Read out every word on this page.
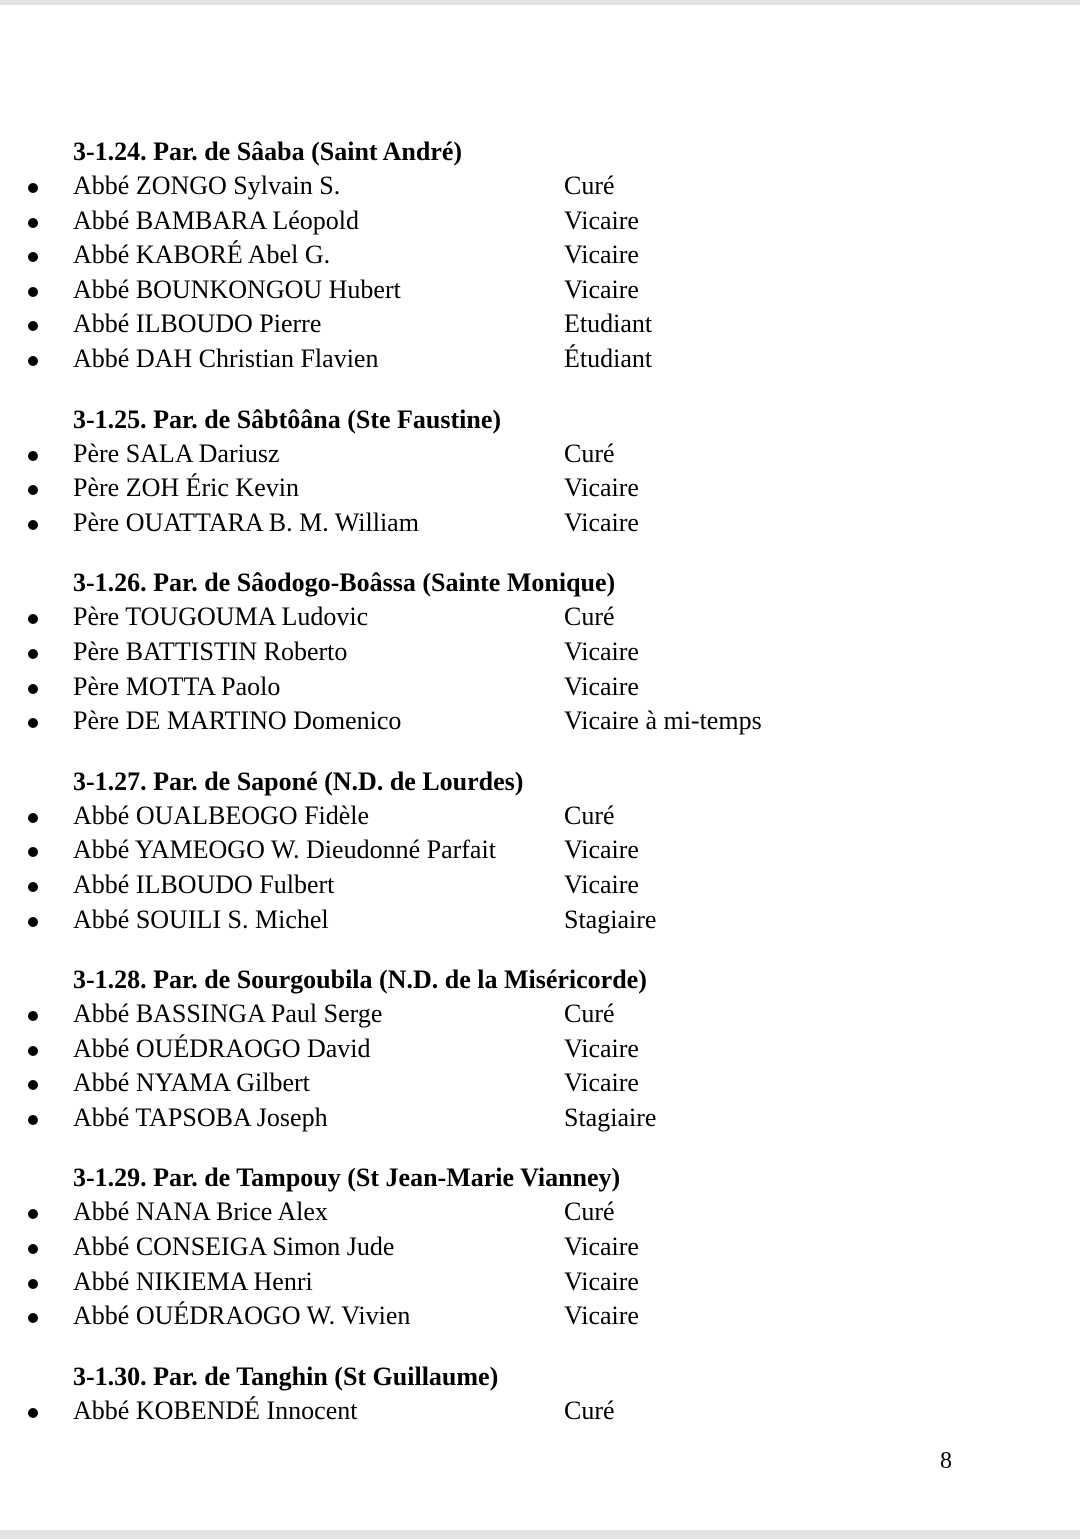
3-1.24. Par. de Sâaba (Saint André)
Abbé ZONGO Sylvain S.	Curé
Abbé BAMBARA Léopold	Vicaire
Abbé KABORÉ Abel G.	Vicaire
Abbé BOUNKONGOU Hubert	Vicaire
Abbé ILBOUDO Pierre	Etudiant
Abbé DAH Christian Flavien	Étudiant
3-1.25. Par. de Sâbtôâna (Ste Faustine)
Père SALA Dariusz	Curé
Père ZOH Éric Kevin	Vicaire
Père OUATTARA B. M. William	Vicaire
3-1.26. Par. de Sâodogo-Boâssa (Sainte Monique)
Père TOUGOUMA Ludovic	Curé
Père BATTISTIN Roberto	Vicaire
Père MOTTA Paolo	Vicaire
Père DE MARTINO Domenico	Vicaire à mi-temps
3-1.27. Par. de Saponé (N.D. de Lourdes)
Abbé OUALBEOGO Fidèle	Curé
Abbé YAMEOGO W. Dieudonné Parfait	Vicaire
Abbé ILBOUDO Fulbert	Vicaire
Abbé SOUILI S. Michel	Stagiaire
3-1.28. Par. de Sourgoubila (N.D. de la Miséricorde)
Abbé BASSINGA Paul Serge	Curé
Abbé OUÉDRAOGO David	Vicaire
Abbé NYAMA Gilbert	Vicaire
Abbé TAPSOBA Joseph	Stagiaire
3-1.29. Par. de Tampouy (St Jean-Marie Vianney)
Abbé NANA Brice Alex	Curé
Abbé CONSEIGA Simon Jude	Vicaire
Abbé NIKIEMA Henri	Vicaire
Abbé OUÉDRAOGO W. Vivien	Vicaire
3-1.30. Par. de Tanghin (St Guillaume)
Abbé KOBENDÉ Innocent	Curé
8
